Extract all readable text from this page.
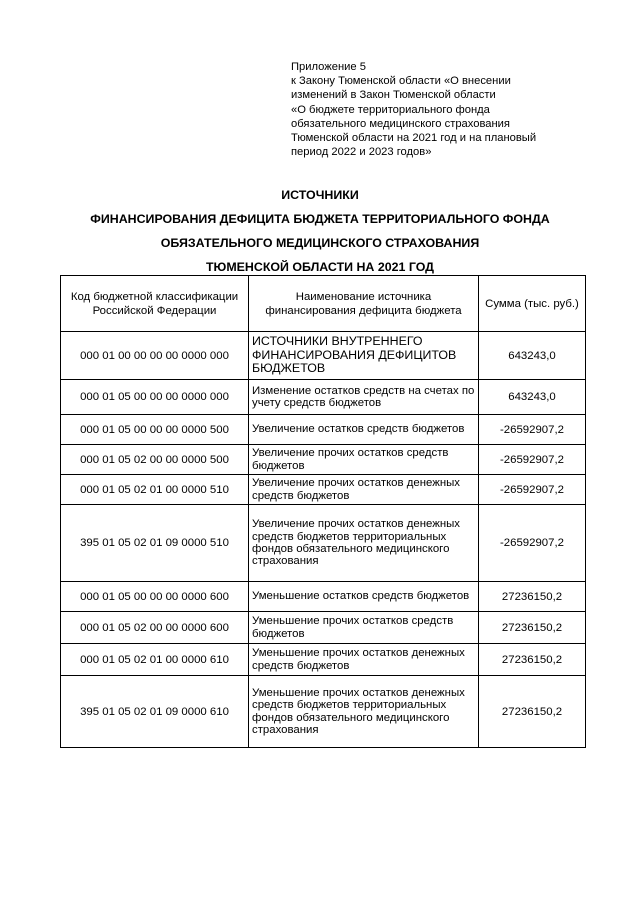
Приложение 5
к Закону Тюменской области «О внесении
изменений в Закон Тюменской области
«О бюджете территориального фонда
обязательного медицинского страхования
Тюменской области на 2021 год и на плановый
период 2022 и 2023 годов»
ИСТОЧНИКИ
ФИНАНСИРОВАНИЯ ДЕФИЦИТА БЮДЖЕТА ТЕРРИТОРИАЛЬНОГО ФОНДА
ОБЯЗАТЕЛЬНОГО МЕДИЦИНСКОГО СТРАХОВАНИЯ
ТЮМЕНСКОЙ ОБЛАСТИ НА 2021 ГОД
Код бюджетной классификации Российской Федерации	Наименование источника финансирования дефицита бюджета	Сумма (тыс. руб.)
000 01 00 00 00 00 0000 000	ИСТОЧНИКИ ВНУТРЕННЕГО ФИНАНСИРОВАНИЯ ДЕФИЦИТОВ БЮДЖЕТОВ	643243,0
000 01 05 00 00 00 0000 000	Изменение остатков средств на счетах по учету средств бюджетов	643243,0
000 01 05 00 00 00 0000 500	Увеличение остатков средств бюджетов	-26592907,2
000 01 05 02 00 00 0000 500	Увеличение прочих остатков средств бюджетов	-26592907,2
000 01 05 02 01 00 0000 510	Увеличение прочих остатков денежных средств бюджетов	-26592907,2
395 01 05 02 01 09 0000 510	Увеличение прочих остатков денежных средств бюджетов территориальных фондов обязательного медицинского страхования	-26592907,2
000 01 05 00 00 00 0000 600	Уменьшение остатков средств бюджетов	27236150,2
000 01 05 02 00 00 0000 600	Уменьшение прочих остатков средств бюджетов	27236150,2
000 01 05 02 01 00 0000 610	Уменьшение прочих остатков денежных средств бюджетов	27236150,2
395 01 05 02 01 09 0000 610	Уменьшение прочих остатков денежных средств бюджетов территориальных фондов обязательного медицинского страхования	27236150,2
